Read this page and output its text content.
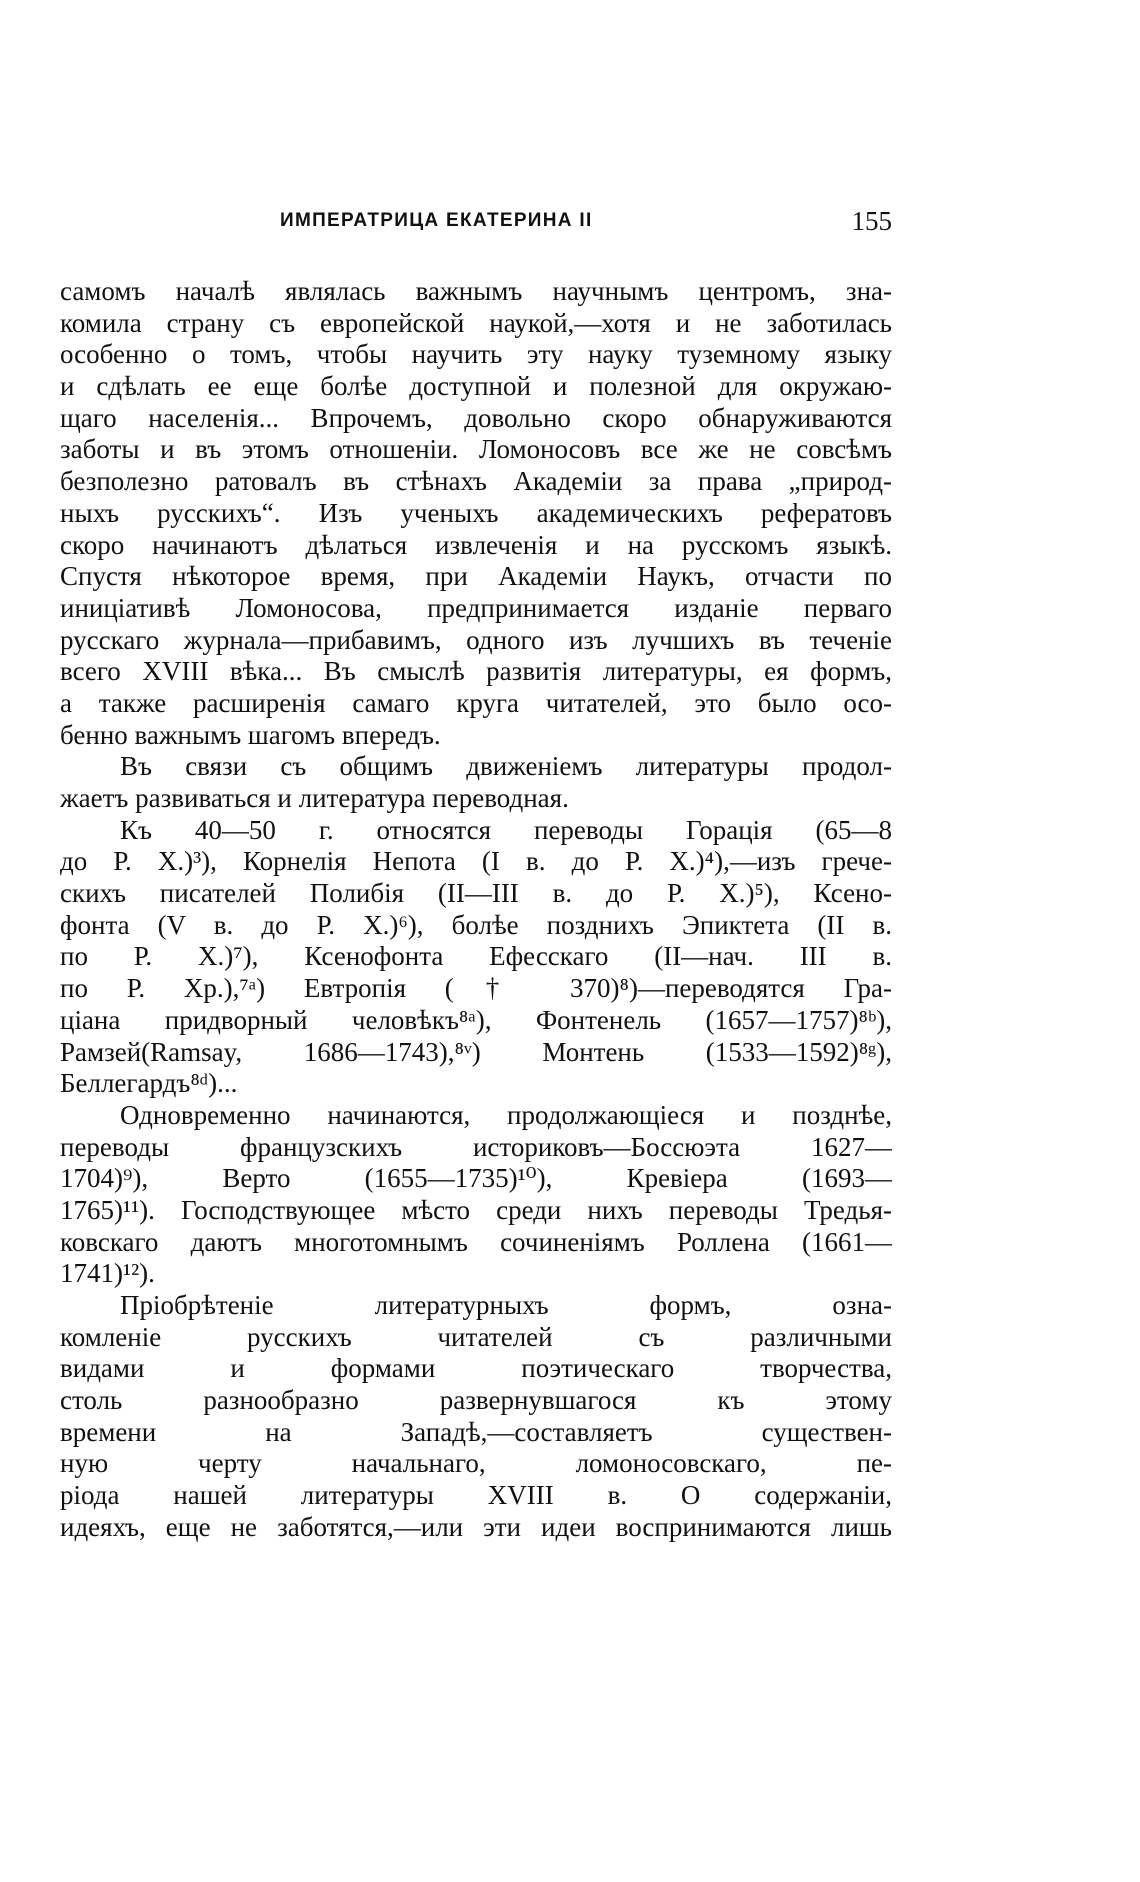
ИМПЕРАТРИЦА ЕКАТЕРИНА II	155
самомъ началѣ являлась важнымъ научнымъ центромъ, зна-
комила страну съ европейской наукой,—хотя и не заботилась
особенно о томъ, чтобы научить эту науку туземному языку
и сдѣлать ее еще болѣе доступной и полезной для окружаю-
щаго населенія... Впрочемъ, довольно скоро обнаруживаются
заботы и въ этомъ отношеніи. Ломоносовъ все же не совсѣмъ
безполезно ратовалъ въ стѣнахъ Академіи за права „природ-
ныхъ русскихъ“. Изъ ученыхъ академическихъ рефератовъ
скоро начинаютъ дѣлаться извлеченія и на русскомъ языкѣ.
Спустя нѣкоторое время, при Академіи Наукъ, отчасти по
иниціативѣ Ломоносова, предпринимается изданіе перваго
русскаго журнала—прибавимъ, одного изъ лучшихъ въ теченіе
всего XVIII вѣка... Въ смыслѣ развитія литературы, ея формъ,
а также расширенія самаго круга читателей, это было осо-
бенно важнымъ шагомъ впередъ.
Въ связи съ общимъ движеніемъ литературы продол-
жаетъ развиваться и литература переводная.
Къ 40—50 г. относятся переводы Горація (65—8
до Р. X.)³), Корнелія Непота (I в. до Р. X.)⁴),—изъ грече-
скихъ писателей Полибія (II—III в. до Р. X.)⁵), Ксено-
фонта (V в. до Р. X.)⁶), болѣе позднихъ Эпиктета (II в.
по Р. X.)⁷), Ксенофонта Ефесскаго (II—нач. III в.
по Р. Хр.),⁷ᵃ) Евтропія († 370)⁸)—переводятся Гра-
ціана придворный человѣкъ⁸ᵃ), Фонтенель (1657—1757)⁸ᵇ),
Рамзей(Ramsay, 1686—1743),⁸ᵛ) Монтень (1533—1592)⁸ᵍ),
Беллегардъ⁸ᵈ)...
Одновременно начинаются, продолжающіеся и позднѣе,
переводы французскихъ историковъ—Боссюэта 1627—
1704)⁹), Верто (1655—1735)¹⁰), Кревіера (1693—
1765)¹¹). Господствующее мѣсто среди нихъ переводы Тредья-
ковскаго даютъ многотомнымъ сочиненіямъ Роллена (1661—
1741)¹²).
Пріобрѣтеніе литературныхъ формъ, озна-
комленіе русскихъ читателей съ различными
видами и формами поэтическаго творчества,
столь разнообразно развернувшагося къ этому
времени на Западѣ,—составляетъ существен-
ную черту начальнаго, ломоносовскаго, пе-
ріода нашей литературы XVIII в. О содержаніи,
идеяхъ, еще не заботятся,—или эти идеи воспринимаются лишь
